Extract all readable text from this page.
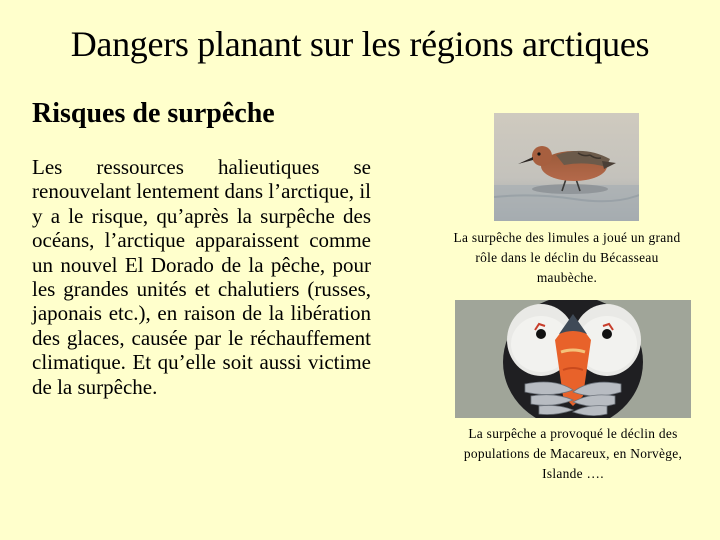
Dangers planant sur les régions arctiques
Risques de surpêche

Les ressources halieutiques se renouvelant lentement dans l’arctique, il y a le risque, qu’après la surpêche des océans, l’arctique apparaissent comme un nouvel El Dorado de la pêche, pour les grandes unités et chalutiers (russes, japonais etc.), en raison de la libération des glaces, causée par le réchauffement climatique. Et qu’elle soit aussi victime de la surpêche.

La surpêche des limules a joué un grand rôle dans le déclin du Bécasseau maubèche.
La surpêche a provoqué le déclin des populations de Macareux, en Norvège, Islande ….
